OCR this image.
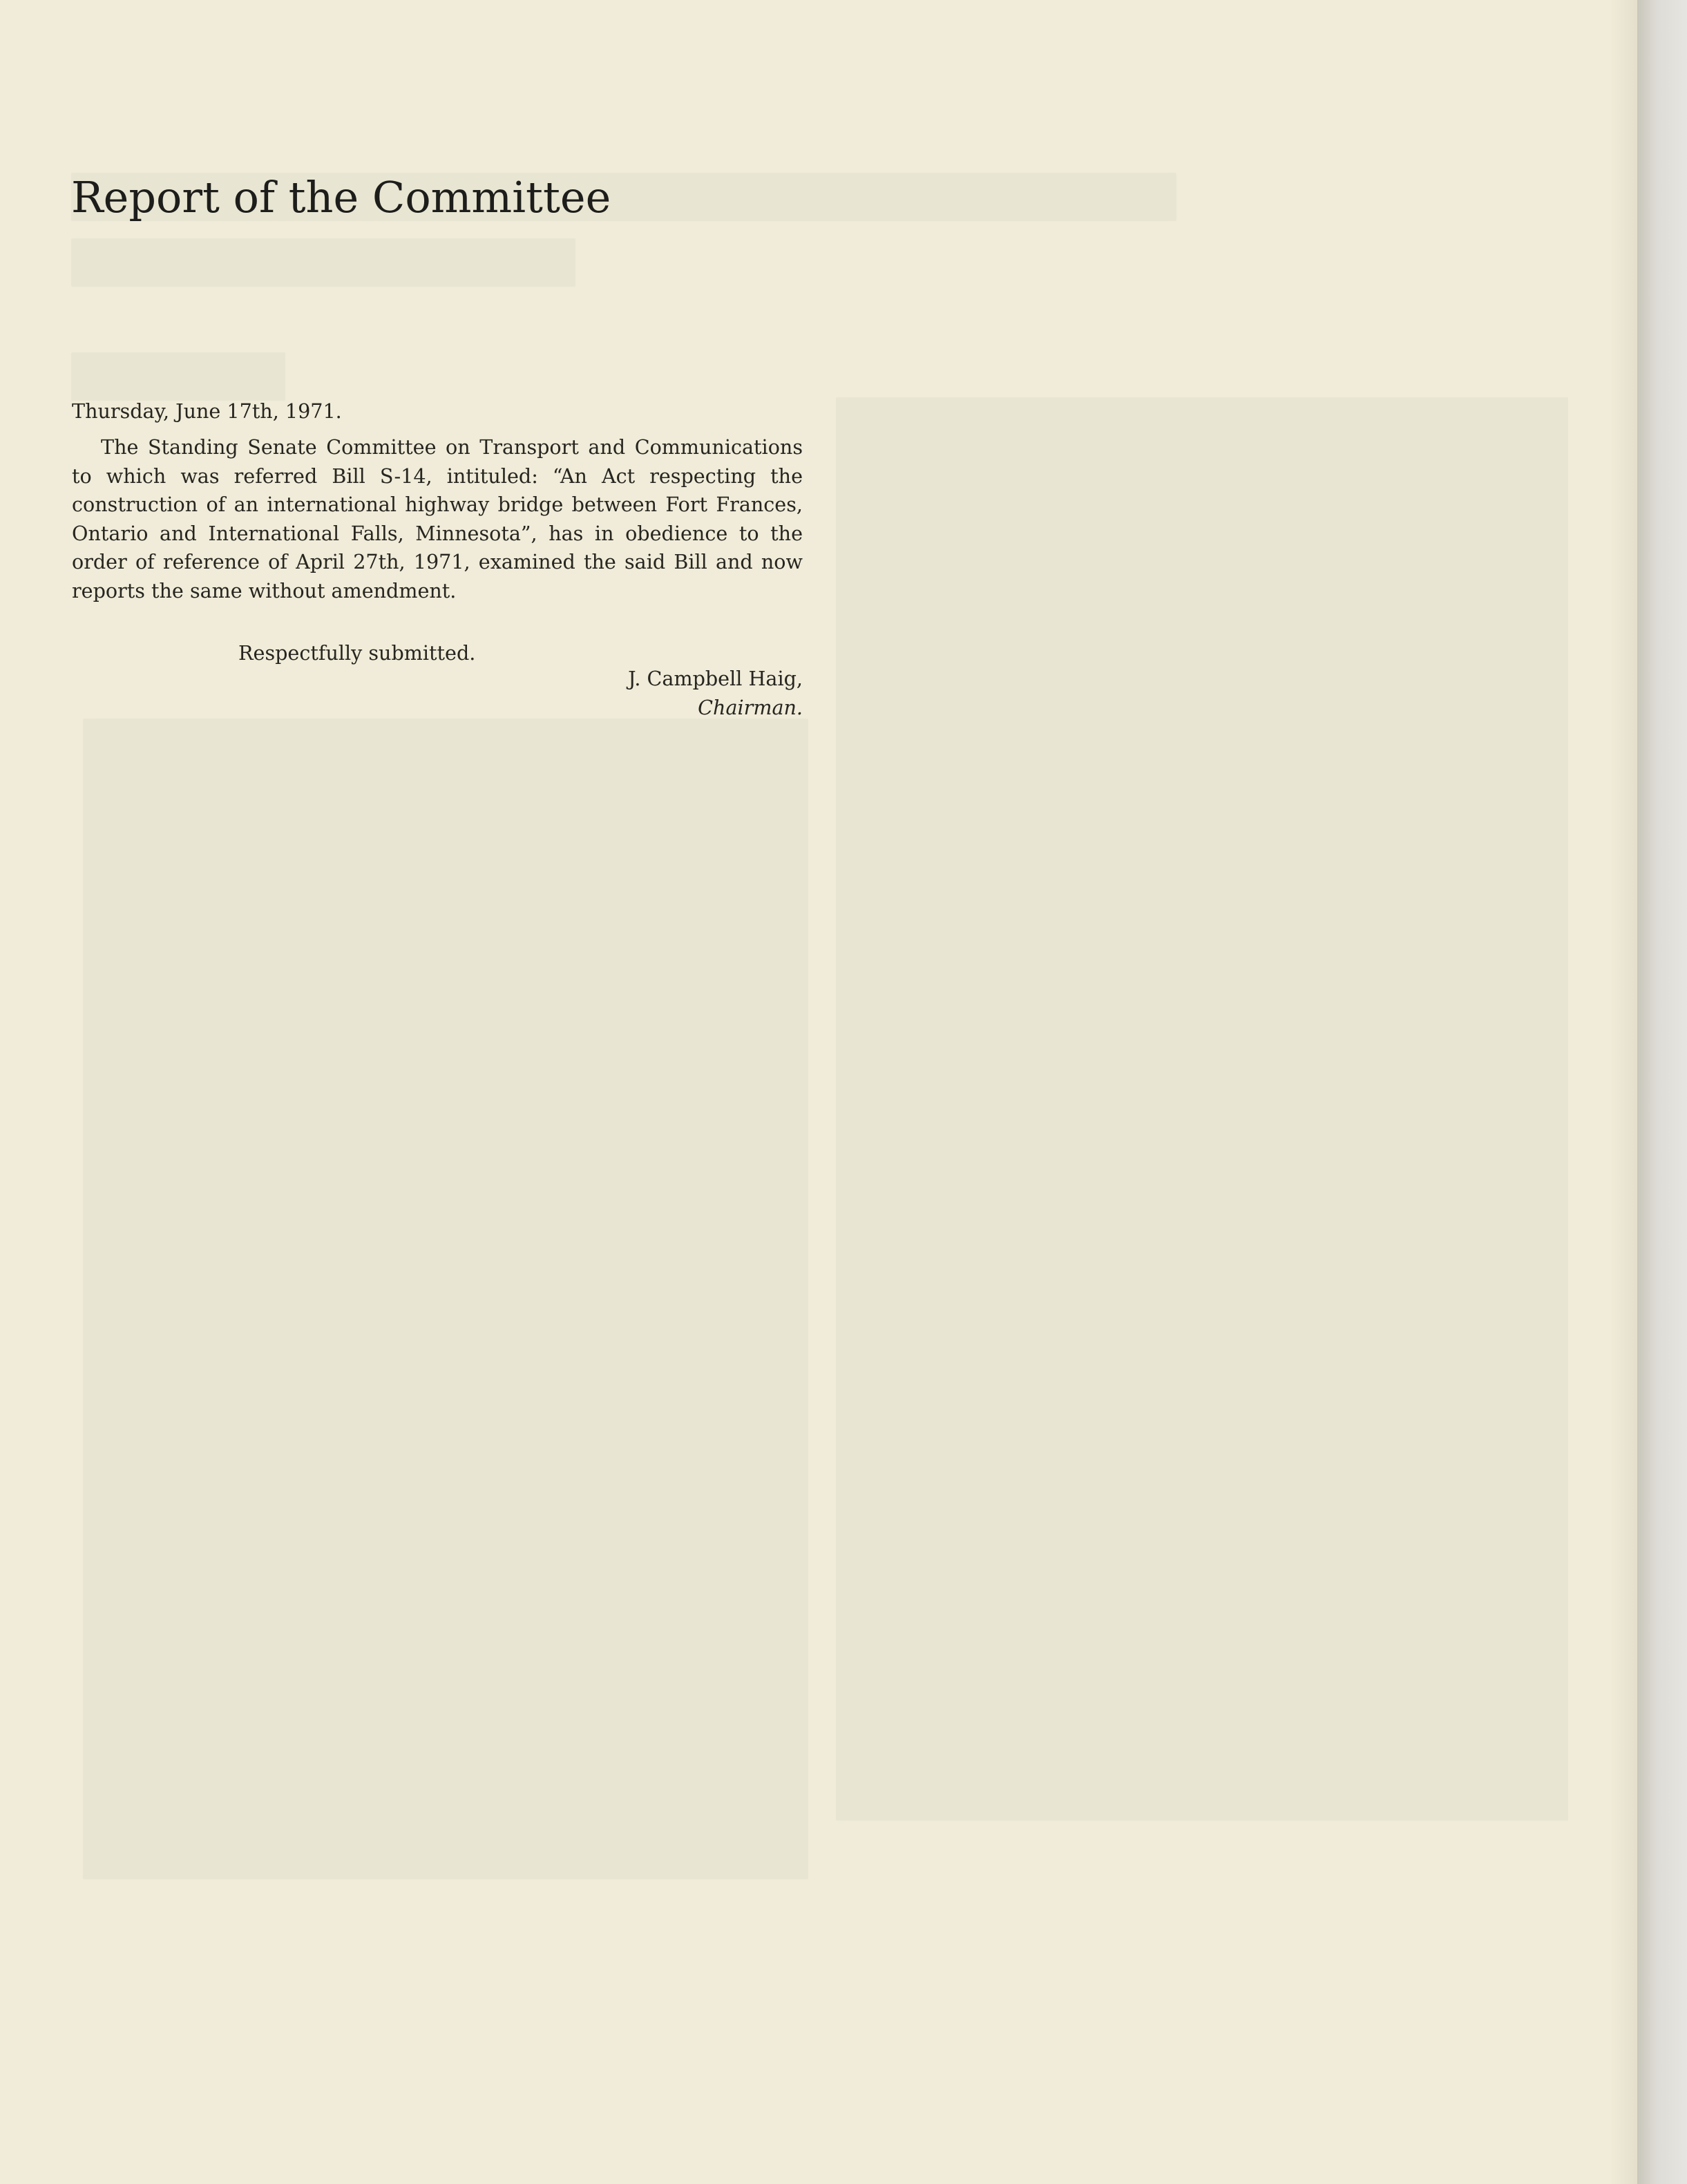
Report of the Committee
Thursday, June 17th, 1971.

The Standing Senate Committee on Transport and Communications to which was referred Bill S-14, intituled: “An Act respecting the construction of an international highway bridge between Fort Frances, Ontario and International Falls, Minnesota”, has in obedience to the order of reference of April 27th, 1971, examined the said Bill and now reports the same without amendment.

Respectfully submitted.
J. Campbell Haig,
Chairman.
